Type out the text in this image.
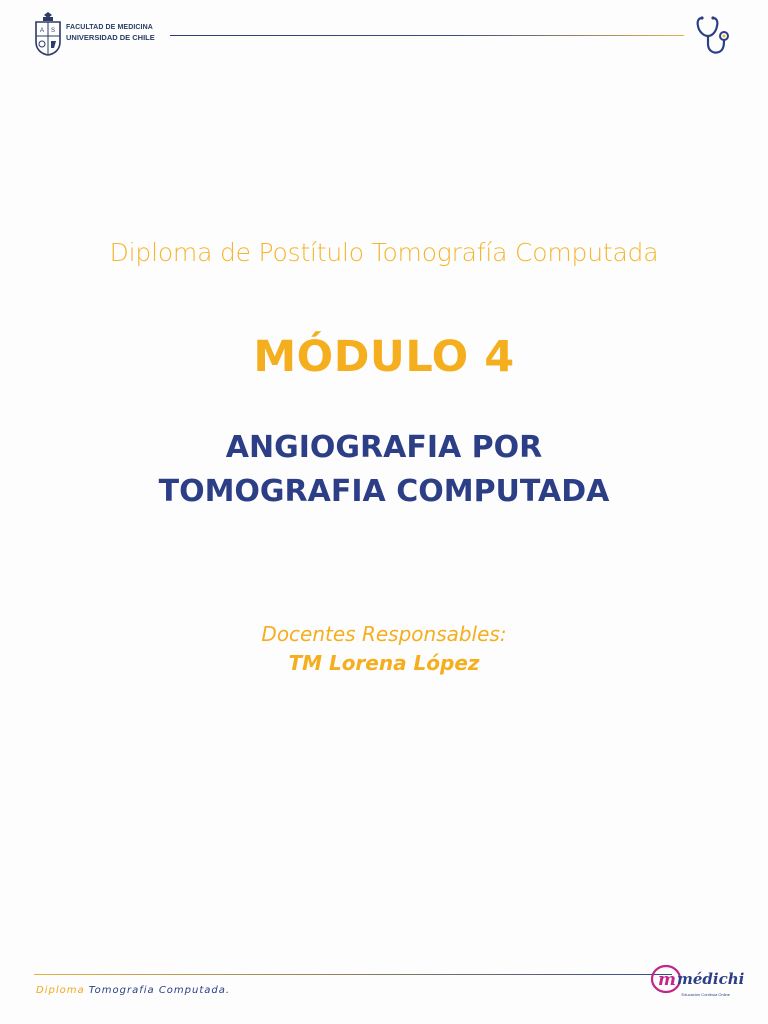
A S FACULTAD DE MEDICINA
UNIVERSIDAD DE CHILE
Diploma de Postítulo Tomografía Computada
MÓDULO 4
ANGIOGRAFIA POR
TOMOGRAFIA COMPUTADA
Docentes Responsables:
TM Lorena López
Diploma Tomografia Computada.
m médichi
Educación Continua Online
